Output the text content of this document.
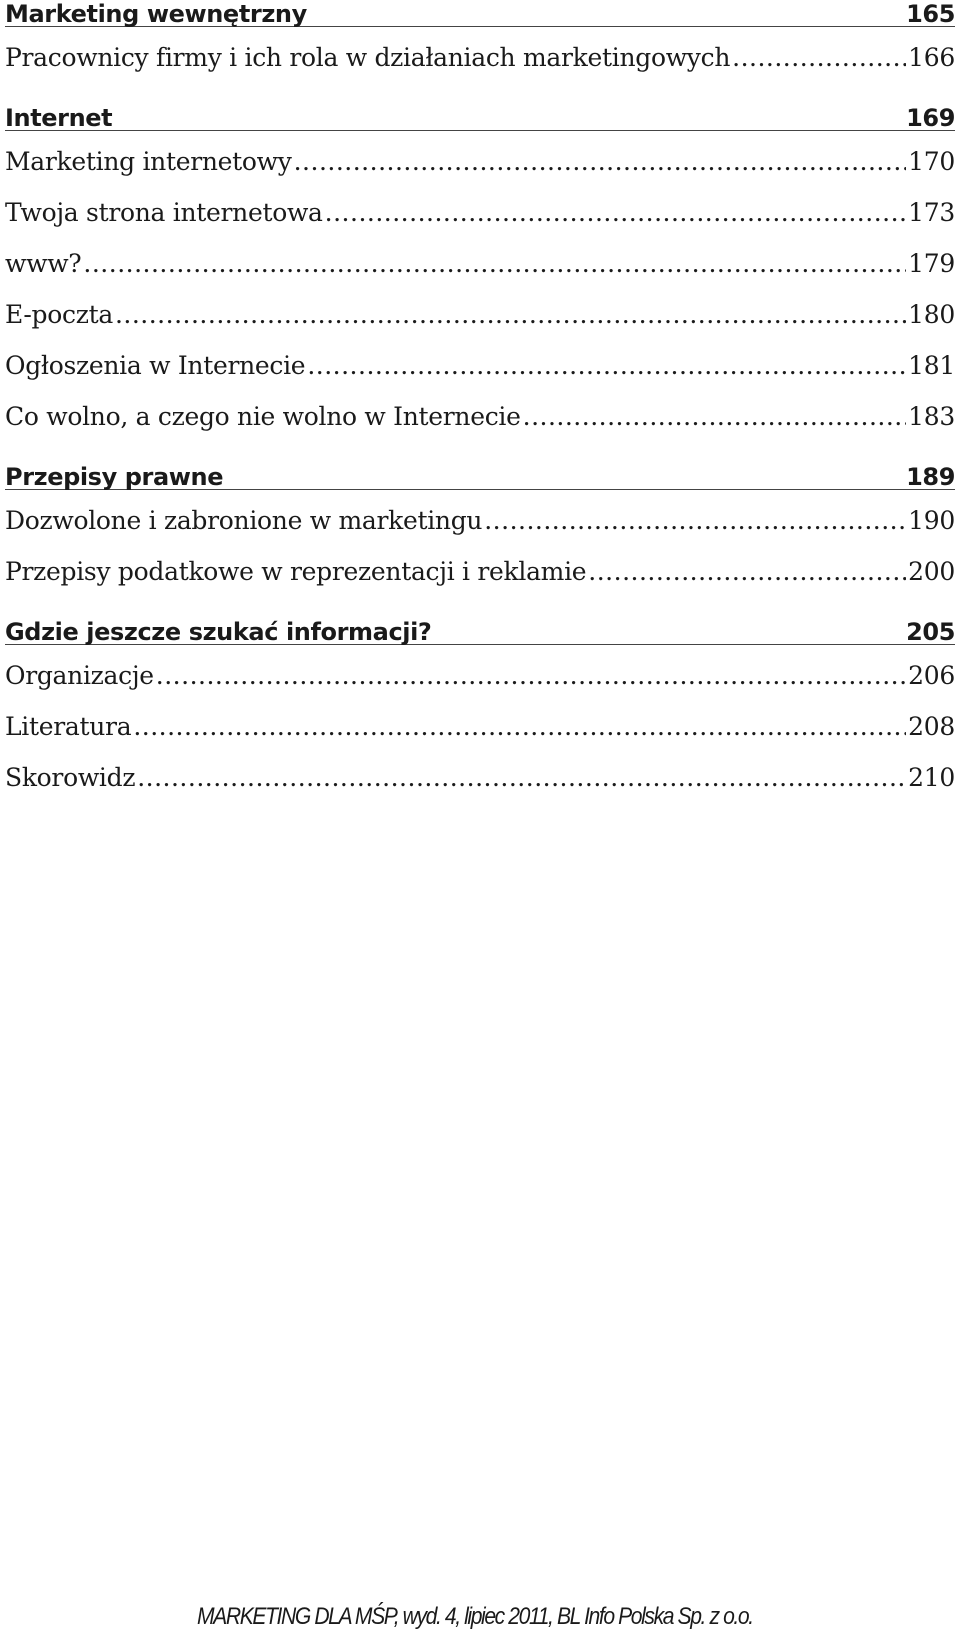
Marketing wewnętrzny	165
Pracownicy firmy i ich rola w działaniach marketingowych .....	166
Internet	169
Marketing internetowy .....	170
Twoja strona internetowa .....	173
www? .....	179
E-poczta .....	180
Ogłoszenia w Internecie .....	181
Co wolno, a czego nie wolno w Internecie .....	183
Przepisy prawne	189
Dozwolone i zabronione w marketingu .....	190
Przepisy podatkowe w reprezentacji i reklamie .....	200
Gdzie jeszcze szukać informacji?	205
Organizacje .....	206
Literatura .....	208
Skorowidz .....	210
MARKETING DLA MŚP, wyd. 4, lipiec 2011, BL Info Polska Sp. z o.o.
